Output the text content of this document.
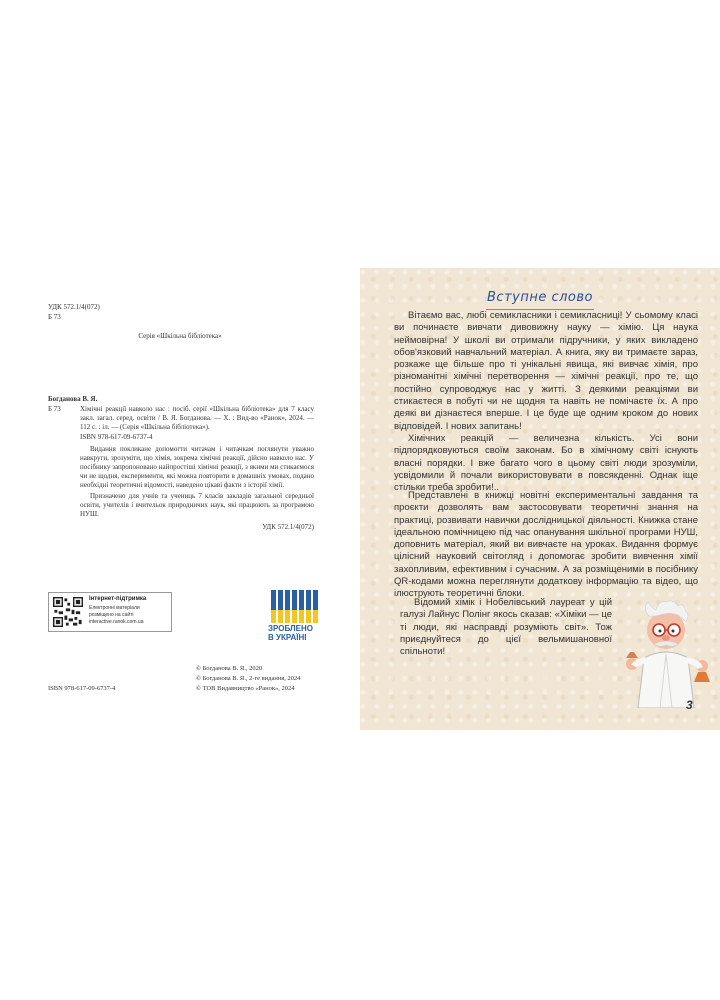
УДК 572.1/4(072)
Б 73
Серія «Шкільна бібліотека»
Богданова В. Я.
Б 73	Хімічні реакції навколо нас : посіб. серії «Шкільна бібліотека» для 7 класу закл. загал. серед. освіти / В. Я. Богданова. — Х. : Вид-во «Ранок», 2024. — 112 с. : іл. — (Серія «Шкільна бібліотека»).
ISBN 978-617-09-6737-4
Видання покликане допомогти читачам і читачкам поглянути уважно навкруги, зрозуміти, що хімія, зокрема хімічні реакції, дійсно навколо нас. У посібнику запропоновано найпростіші хімічні реакції, з якими ми стикаємося чи не щодня, експерименти, які можна повторити в домашніх умовах, подано необхідні теоретичні відомості, наведено цікаві факти з історії хімії.
Призначено для учнів та учениць 7 класів закладів загальної середньої освіти, учителів і вчительок природничих наук, які працюють за програмою НУШ.
УДК 572.1/4(072)
Інтернет-підтримка
Електронні матеріали
розміщено на сайті
interactive.ranok.com.ua
ЗРОБЛЕНО
В УКРАЇНІ
© Богданова В. Я., 2020
© Богданова В. Я., 2-ге видання, 2024
© ТОВ Видавництво «Ранок», 2024
ISBN 978-617-09-6737-4
Вступне слово
Вітаємо вас, любі семикласники і семикласниці! У сьомому класі ви починаєте вивчати дивовижну науку — хімію. Ця наука неймовірна! У школі ви отримали підручники, у яких викладено обов'язковий навчальний матеріал. А книга, яку ви тримаєте зараз, розкаже ще більше про ті унікальні явища, які вивчає хімія, про різноманітні хімічні перетворення — хімічні реакції, про те, що постійно супроводжує нас у житті. З деякими реакціями ви стикаєтеся в побуті чи не щодня та навіть не помічаєте їх. А про деякі ви дізнаєтеся вперше. І це буде ще одним кроком до нових відповідей. І нових запитань!
Хімічних реакцій — величезна кількість. Усі вони підпорядковуються своїм законам. Бо в хімічному світі існують власні порядки. І вже багато чого в цьому світі люди зрозуміли, усвідомили й почали використовувати в повсякденні. Однак іще стільки треба зробити!..
Представлені в книжці новітні експериментальні завдання та проєкти дозволять вам застосовувати теоретичні знання на практиці, розвивати навички дослідницької діяльності. Книжка стане ідеальною помічницею під час опанування шкільної програми НУШ, доповнить матеріал, який ви вивчаєте на уроках. Видання формує цілісний науковий світогляд і допомогає зробити вивчення хімії захопливим, ефективним і сучасним. А за розміщеними в посібнику QR-кодами можна переглянути додаткову інформацію та відео, що ілюструють теоретичні блоки.
Відомий хімік і Нобелівський лауреат у цій галузі Лайнус Полінг якось сказав: «Хіміки — це ті люди, які насправді розуміють світ». Тож приєднуйтеся до цієї вельмишановної спільноти!
3
